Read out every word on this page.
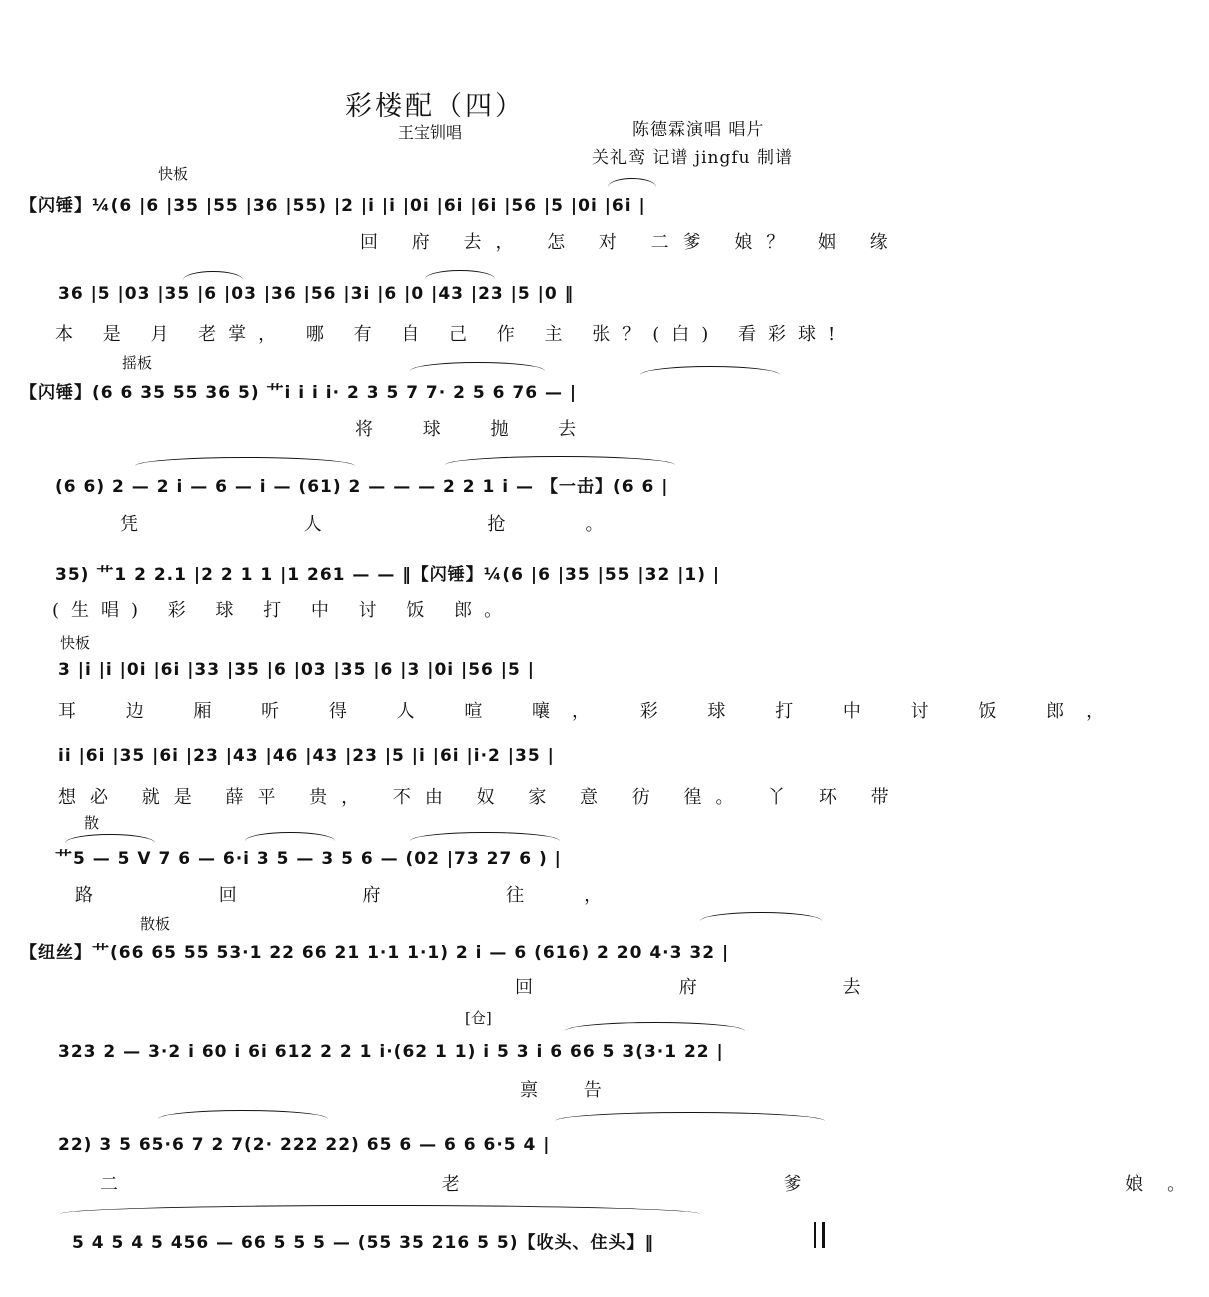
彩楼配（四）
王宝钏唱	陈德霖演唱 唱片
关礼鸾 记谱 jingfu 制谱
快板
【闪锤】¼(6 |6 |35 |55 |36 |55) |2 |i |i |0i |6i |6i |56 |5 |0i |6i |
回 府 去， 怎 对 二爹 娘？ 姻 缘
36 |5 |03 |35 |6 |03 |36 |56 |3i |6 |0 |43 |23 |5 |0 ‖
本 是 月 老掌， 哪 有 自 己 作 主 张？(白) 看彩球!
摇板
【闪锤】(6 6 35 55 36 5) 艹i i i i· 2 3 5 7 7· 2 5 6 76 — |
将 球 抛 去
(6 6) 2 — 2 i — 6 — i — (61) 2 — — — 2 2 1 i — 【一击】(6 6 |
凭 人 抢。
35) 艹1 2 2.1 |2 2 1 1 |1 261 — — ‖【闪锤】¼(6 |6 |35 |55 |32 |1) |
(生唱) 彩 球 打 中 讨 饭 郎。
快板
3 |i |i |0i |6i |33 |35 |6 |03 |35 |6 |3 |0i |56 |5 |
耳 边 厢 听 得 人 喧 嚷， 彩 球 打 中 讨 饭 郎，
ii |6i |35 |6i |23 |43 |46 |43 |23 |5 |i |6i |i·2 |35 |
想必 就是 薛平 贵， 不由 奴 家 意 彷 徨。 丫 环 带
散
艹5 — 5 V 7 6 — 6·i 3 5 — 3 5 6 — (02 |73 27 6 ) |
路 回 府 往，
散板
【纽丝】艹(66 65 55 53·1 22 66 21 1·1 1·1) 2 i — 6 (616) 2 20 4·3 32 |
回 府 去
[仓]
323 2 — 3·2 i 60 i 6i 612 2 2 1 i·(62 1 1) i 5 3 i 6 66 5 3(3·1 22 |
禀 告
22) 3 5 65·6 7 2 7(2· 222 22) 65 6 — 6 6 6·5 4 |
二 老 爹 娘。
5 4 5 4 5 456 — 66 5 5 5 — (55 35 216 5 5)【收头、住头】‖
